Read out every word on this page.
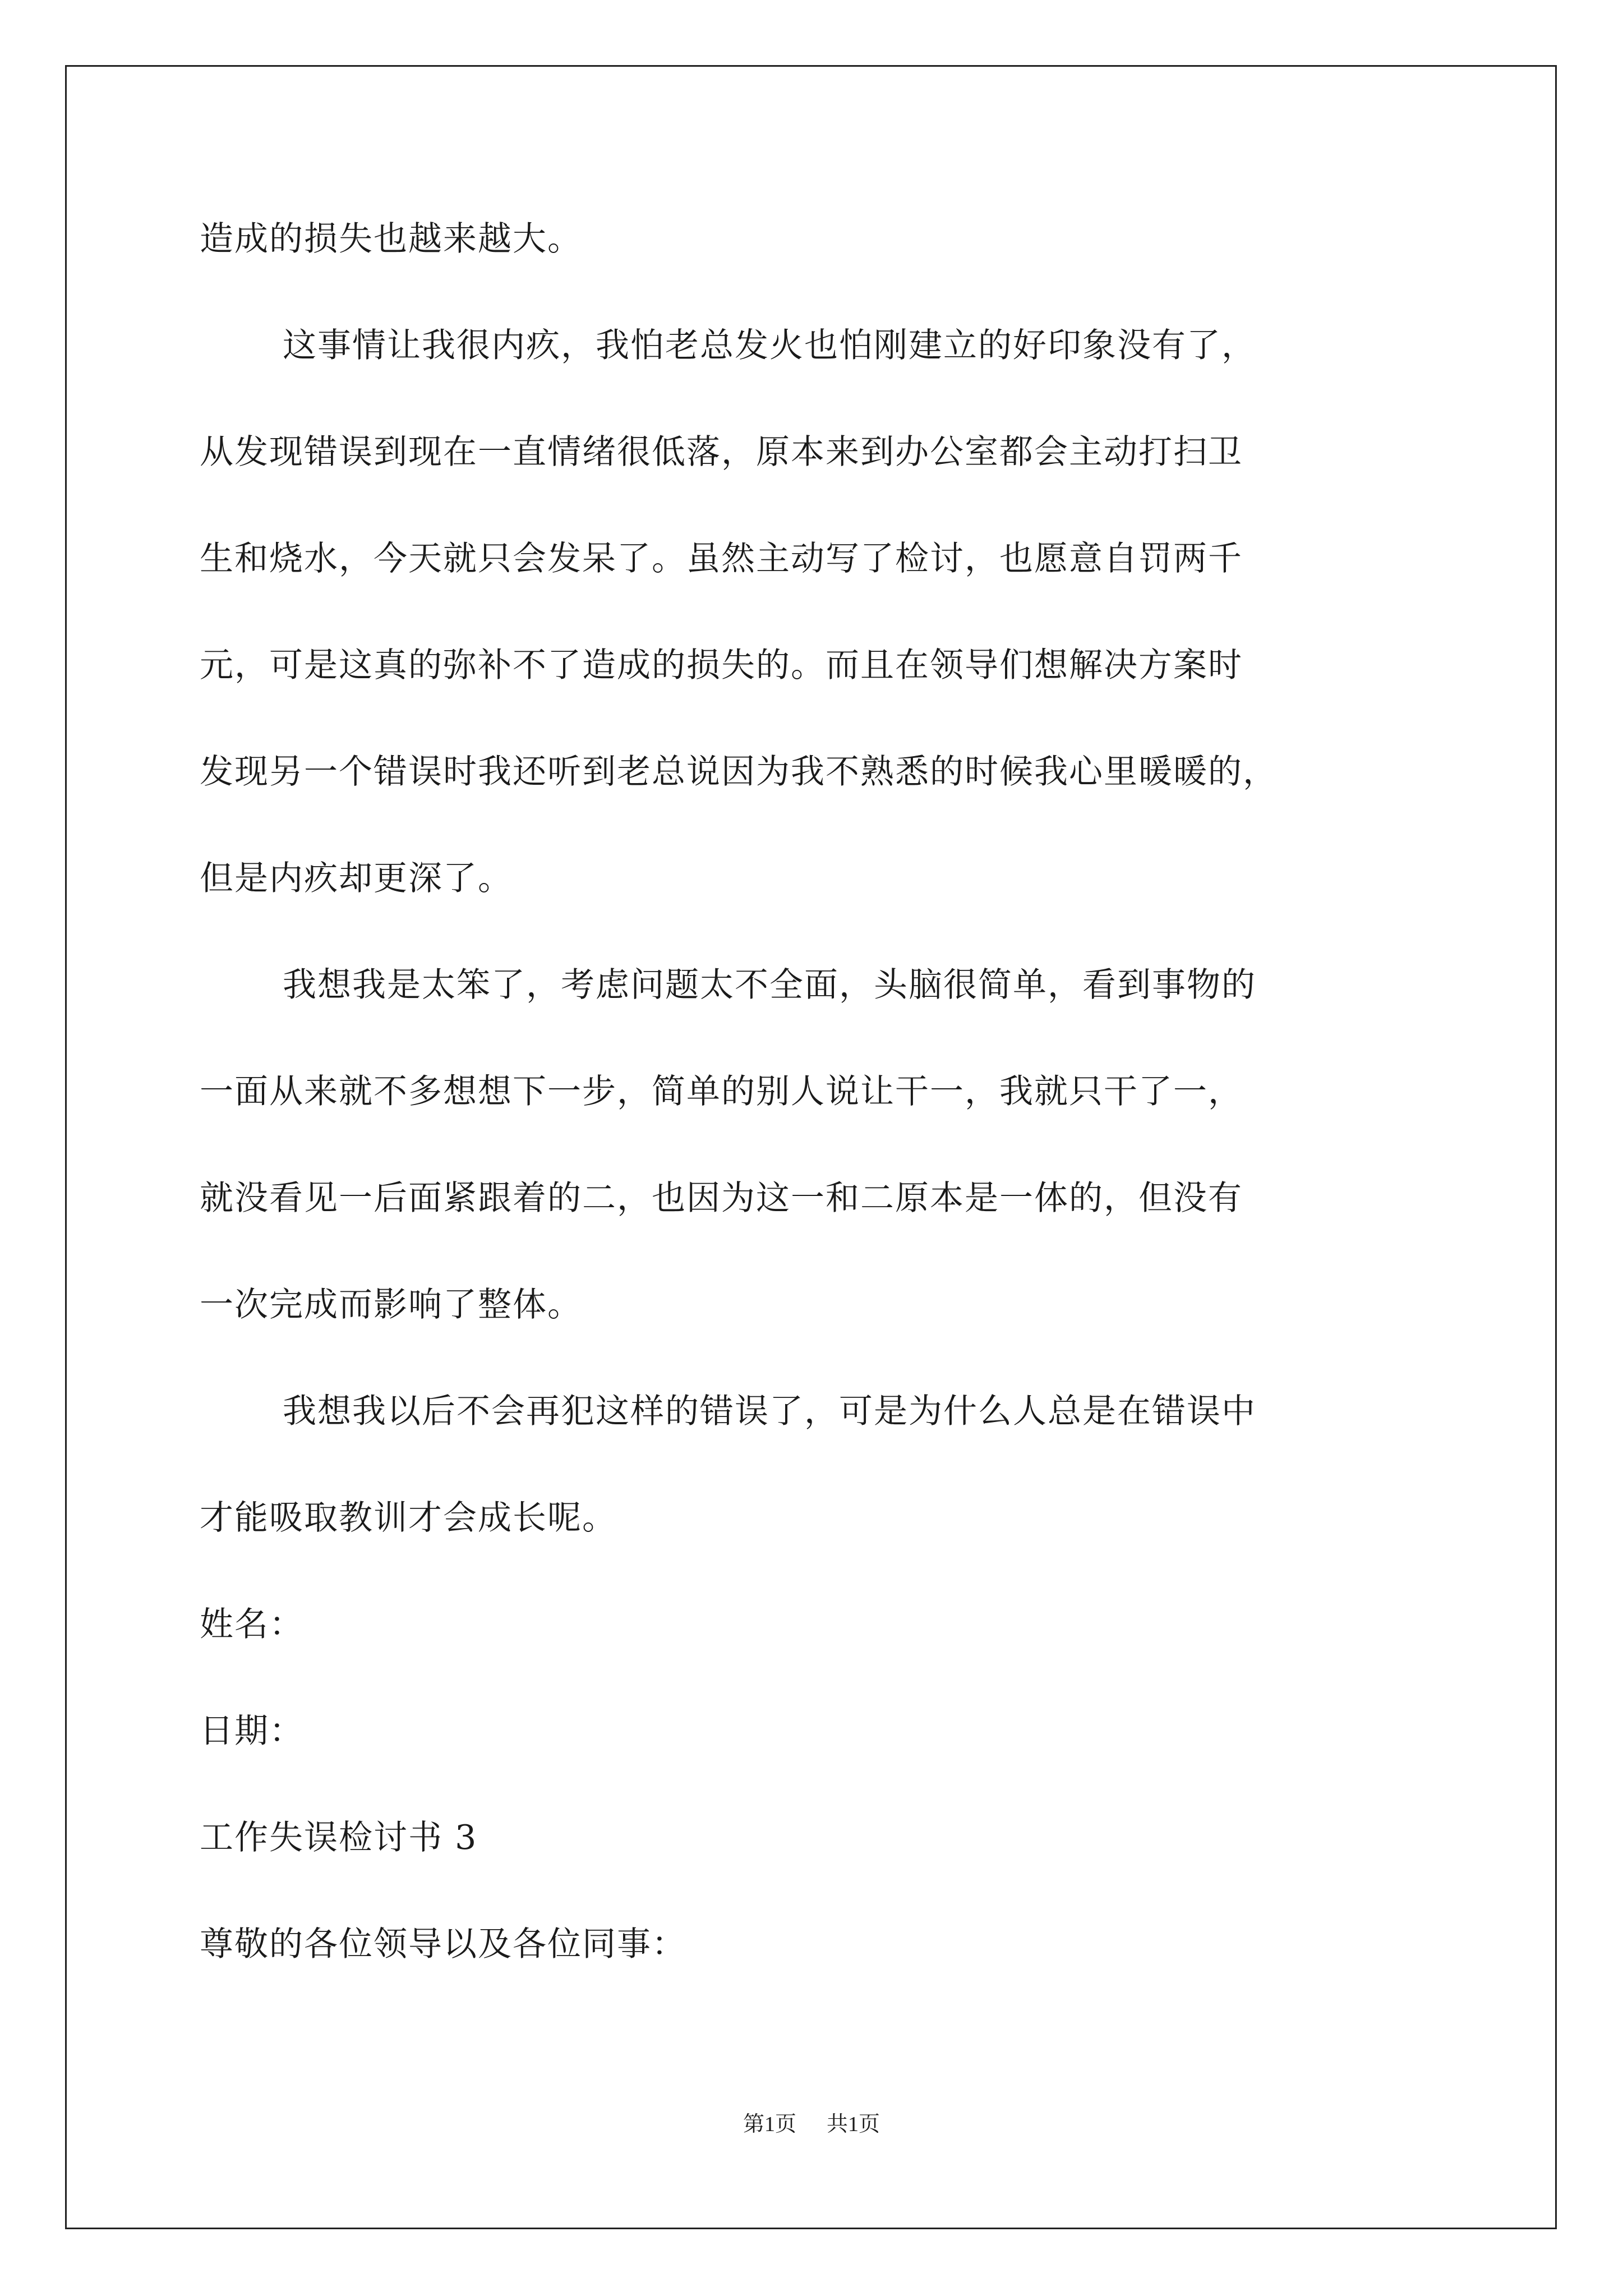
造成的损失也越来越大。

这事情让我很内疚，我怕老总发火也怕刚建立的好印象没有了，

从发现错误到现在一直情绪很低落，原本来到办公室都会主动打扫卫

生和烧水，今天就只会发呆了。虽然主动写了检讨，也愿意自罚两千

元，可是这真的弥补不了造成的损失的。而且在领导们想解决方案时

发现另一个错误时我还听到老总说因为我不熟悉的时候我心里暖暖的，

但是内疚却更深了。

我想我是太笨了，考虑问题太不全面，头脑很简单，看到事物的

一面从来就不多想想下一步，简单的别人说让干一，我就只干了一，

就没看见一后面紧跟着的二，也因为这一和二原本是一体的，但没有

一次完成而影响了整体。

我想我以后不会再犯这样的错误了，可是为什么人总是在错误中

才能吸取教训才会成长呢。

姓名：

日期：

工作失误检讨书 3

尊敬的各位领导以及各位同事：

第1页 共1页
